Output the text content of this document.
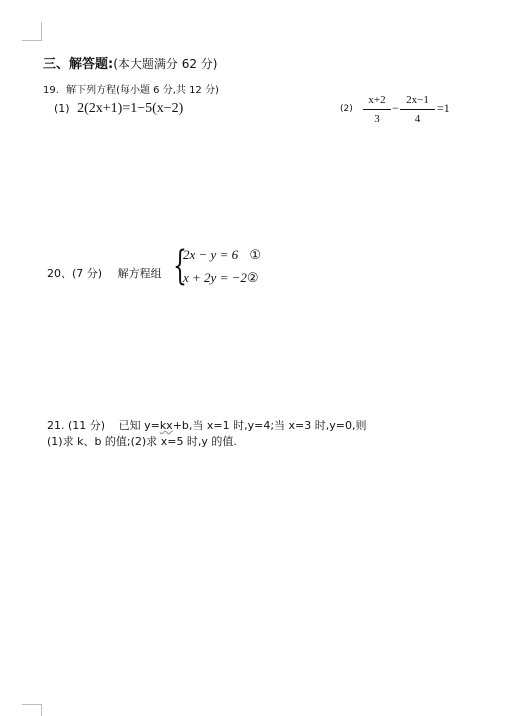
三、解答题:(本大题满分 62 分)
19. 解下列方程(每小题 6 分,共 12 分)
(1) 2(2x+1)=1−5(x−2)	(2)
x+2
3
−
2x−1
4
=1
20、(7 分) 解方程组 {
2x − y = 6 ①
x + 2y = −2②
21. (11 分) 已知 y=kx+b,当 x=1 时,y=4;当 x=3 时,y=0,则
(1)求 k、b 的值;(2)求 x=5 时,y 的值.
